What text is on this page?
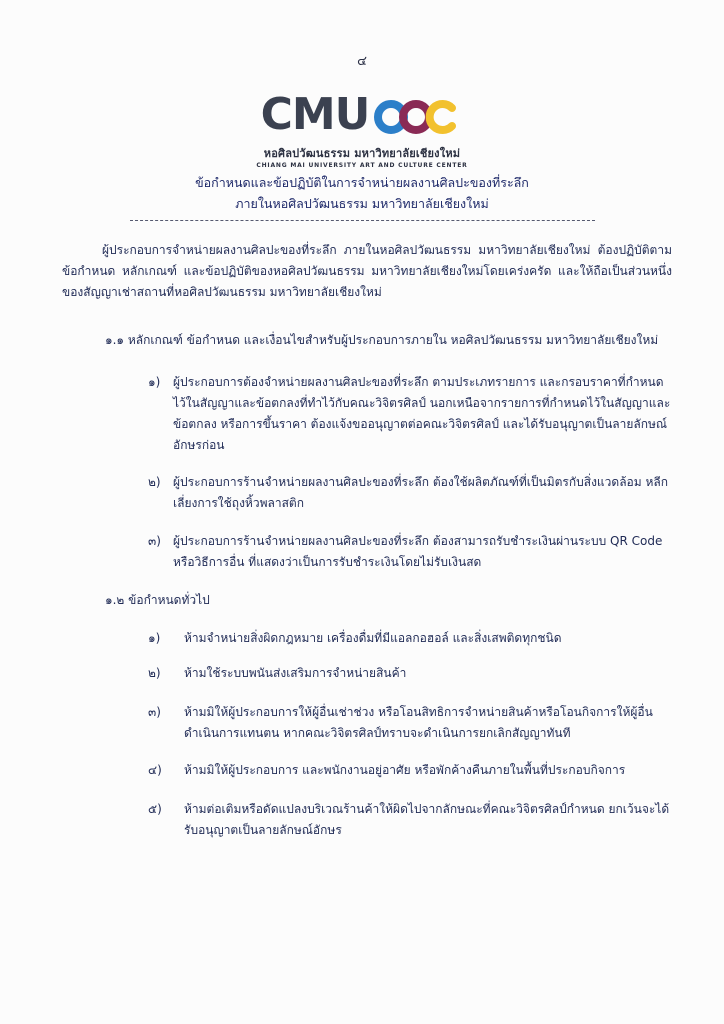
๔
CMU
หอศิลปวัฒนธรรม มหาวิทยาลัยเชียงใหม่
CHIANG MAI UNIVERSITY ART AND CULTURE CENTER
ข้อกำหนดและข้อปฏิบัติในการจำหน่ายผลงานศิลปะของที่ระลึก
ภายในหอศิลปวัฒนธรรม มหาวิทยาลัยเชียงใหม่
ผู้ประกอบการจำหน่ายผลงานศิลปะของที่ระลึก ภายในหอศิลปวัฒนธรรม มหาวิทยาลัยเชียงใหม่ ต้องปฏิบัติตามข้อกำหนด หลักเกณฑ์ และข้อปฏิบัติของหอศิลปวัฒนธรรม มหาวิทยาลัยเชียงใหม่โดยเคร่งครัด และให้ถือเป็นส่วนหนึ่งของสัญญาเช่าสถานที่หอศิลปวัฒนธรรม มหาวิทยาลัยเชียงใหม่
๑.๑ หลักเกณฑ์ ข้อกำหนด และเงื่อนไขสำหรับผู้ประกอบการภายใน หอศิลปวัฒนธรรม มหาวิทยาลัยเชียงใหม่
๑)	ผู้ประกอบการต้องจำหน่ายผลงานศิลปะของที่ระลึก ตามประเภทรายการ และกรอบราคาที่กำหนดไว้ในสัญญาและข้อตกลงที่ทำไว้กับคณะวิจิตรศิลป์ นอกเหนือจากรายการที่กำหนดไว้ในสัญญาและข้อตกลง หรือการขึ้นราคา ต้องแจ้งขออนุญาตต่อคณะวิจิตรศิลป์ และได้รับอนุญาตเป็นลายลักษณ์อักษรก่อน
๒)	ผู้ประกอบการร้านจำหน่ายผลงานศิลปะของที่ระลึก ต้องใช้ผลิตภัณฑ์ที่เป็นมิตรกับสิ่งแวดล้อม หลีกเลี่ยงการใช้ถุงหิ้วพลาสติก
๓)	ผู้ประกอบการร้านจำหน่ายผลงานศิลปะของที่ระลึก ต้องสามารถรับชำระเงินผ่านระบบ QR Code หรือวิธีการอื่น ที่แสดงว่าเป็นการรับชำระเงินโดยไม่รับเงินสด
๑.๒ ข้อกำหนดทั่วไป
๑)	ห้ามจำหน่ายสิ่งผิดกฎหมาย เครื่องดื่มที่มีแอลกอฮอล์ และสิ่งเสพติดทุกชนิด
๒)	ห้ามใช้ระบบพนันส่งเสริมการจำหน่ายสินค้า
๓)	ห้ามมิให้ผู้ประกอบการให้ผู้อื่นเช่าช่วง หรือโอนสิทธิการจำหน่ายสินค้าหรือโอนกิจการให้ผู้อื่นดำเนินการแทนตน หากคณะวิจิตรศิลป์ทราบจะดำเนินการยกเลิกสัญญาทันที
๔)	ห้ามมิให้ผู้ประกอบการ และพนักงานอยู่อาศัย หรือพักค้างคืนภายในพื้นที่ประกอบกิจการ
๕)	ห้ามต่อเติมหรือดัดแปลงบริเวณร้านค้าให้ผิดไปจากลักษณะที่คณะวิจิตรศิลป์กำหนด ยกเว้นจะได้รับอนุญาตเป็นลายลักษณ์อักษร
